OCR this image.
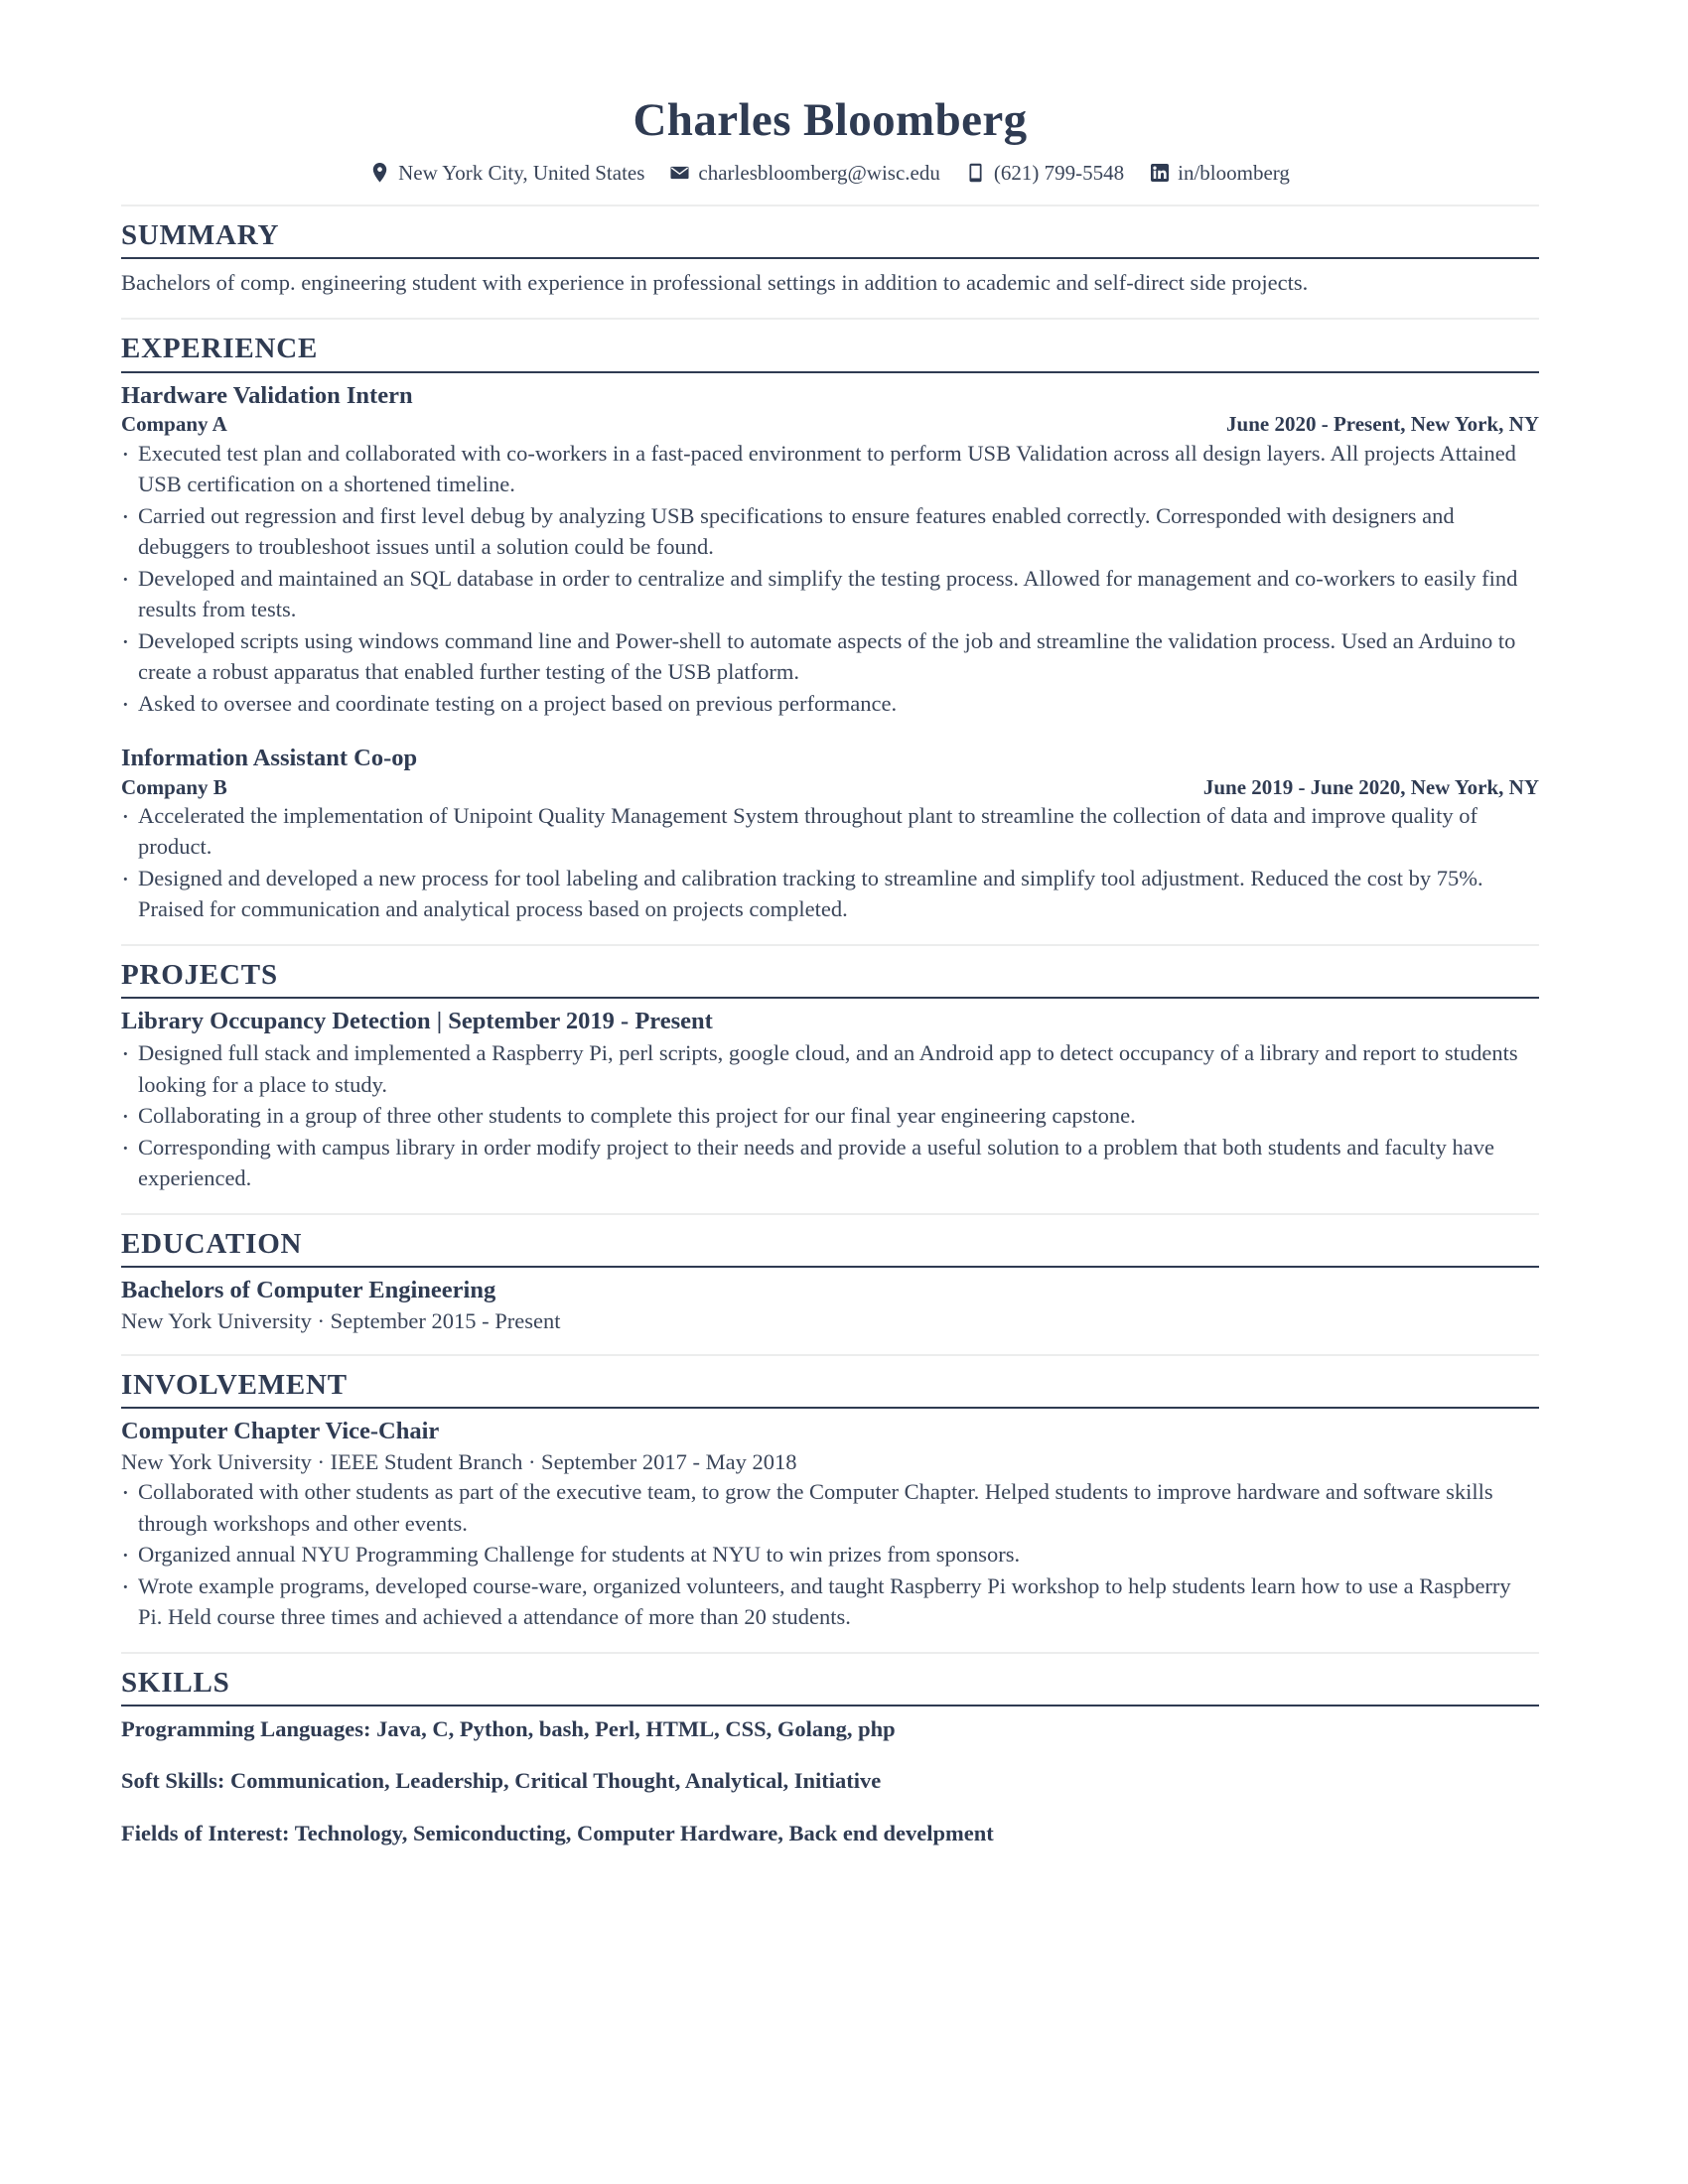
Charles Bloomberg
New York City, United States	charlesbloomberg@wisc.edu	(621) 799-5548	in/bloomberg
SUMMARY

Bachelors of comp. engineering student with experience in professional settings in addition to academic and self-direct side projects.

EXPERIENCE
Hardware Validation Intern
Company A	June 2020 - Present, New York, NY
· Executed test plan and collaborated with co-workers in a fast-paced environment to perform USB Validation across all design layers. All projects Attained USB certification on a shortened timeline.
· Carried out regression and first level debug by analyzing USB specifications to ensure features enabled correctly. Corresponded with designers and debuggers to troubleshoot issues until a solution could be found.
· Developed and maintained an SQL database in order to centralize and simplify the testing process. Allowed for management and co-workers to easily find results from tests.
· Developed scripts using windows command line and Power-shell to automate aspects of the job and streamline the validation process. Used an Arduino to create a robust apparatus that enabled further testing of the USB platform.
· Asked to oversee and coordinate testing on a project based on previous performance.
Information Assistant Co-op
Company B	June 2019 - June 2020, New York, NY
· Accelerated the implementation of Unipoint Quality Management System throughout plant to streamline the collection of data and improve quality of product.
· Designed and developed a new process for tool labeling and calibration tracking to streamline and simplify tool adjustment. Reduced the cost by 75%. Praised for communication and analytical process based on projects completed.
PROJECTS
Library Occupancy Detection | September 2019 - Present
· Designed full stack and implemented a Raspberry Pi, perl scripts, google cloud, and an Android app to detect occupancy of a library and report to students looking for a place to study.
· Collaborating in a group of three other students to complete this project for our final year engineering capstone.
· Corresponding with campus library in order modify project to their needs and provide a useful solution to a problem that both students and faculty have experienced.
EDUCATION
Bachelors of Computer Engineering
New York University · September 2015 - Present
INVOLVEMENT
Computer Chapter Vice-Chair
New York University · IEEE Student Branch · September 2017 - May 2018
· Collaborated with other students as part of the executive team, to grow the Computer Chapter. Helped students to improve hardware and software skills through workshops and other events.
· Organized annual NYU Programming Challenge for students at NYU to win prizes from sponsors.
· Wrote example programs, developed course-ware, organized volunteers, and taught Raspberry Pi workshop to help students learn how to use a Raspberry Pi. Held course three times and achieved a attendance of more than 20 students.
SKILLS

Programming Languages: Java, C, Python, bash, Perl, HTML, CSS, Golang, php

Soft Skills: Communication, Leadership, Critical Thought, Analytical, Initiative

Fields of Interest: Technology, Semiconducting, Computer Hardware, Back end develpment
